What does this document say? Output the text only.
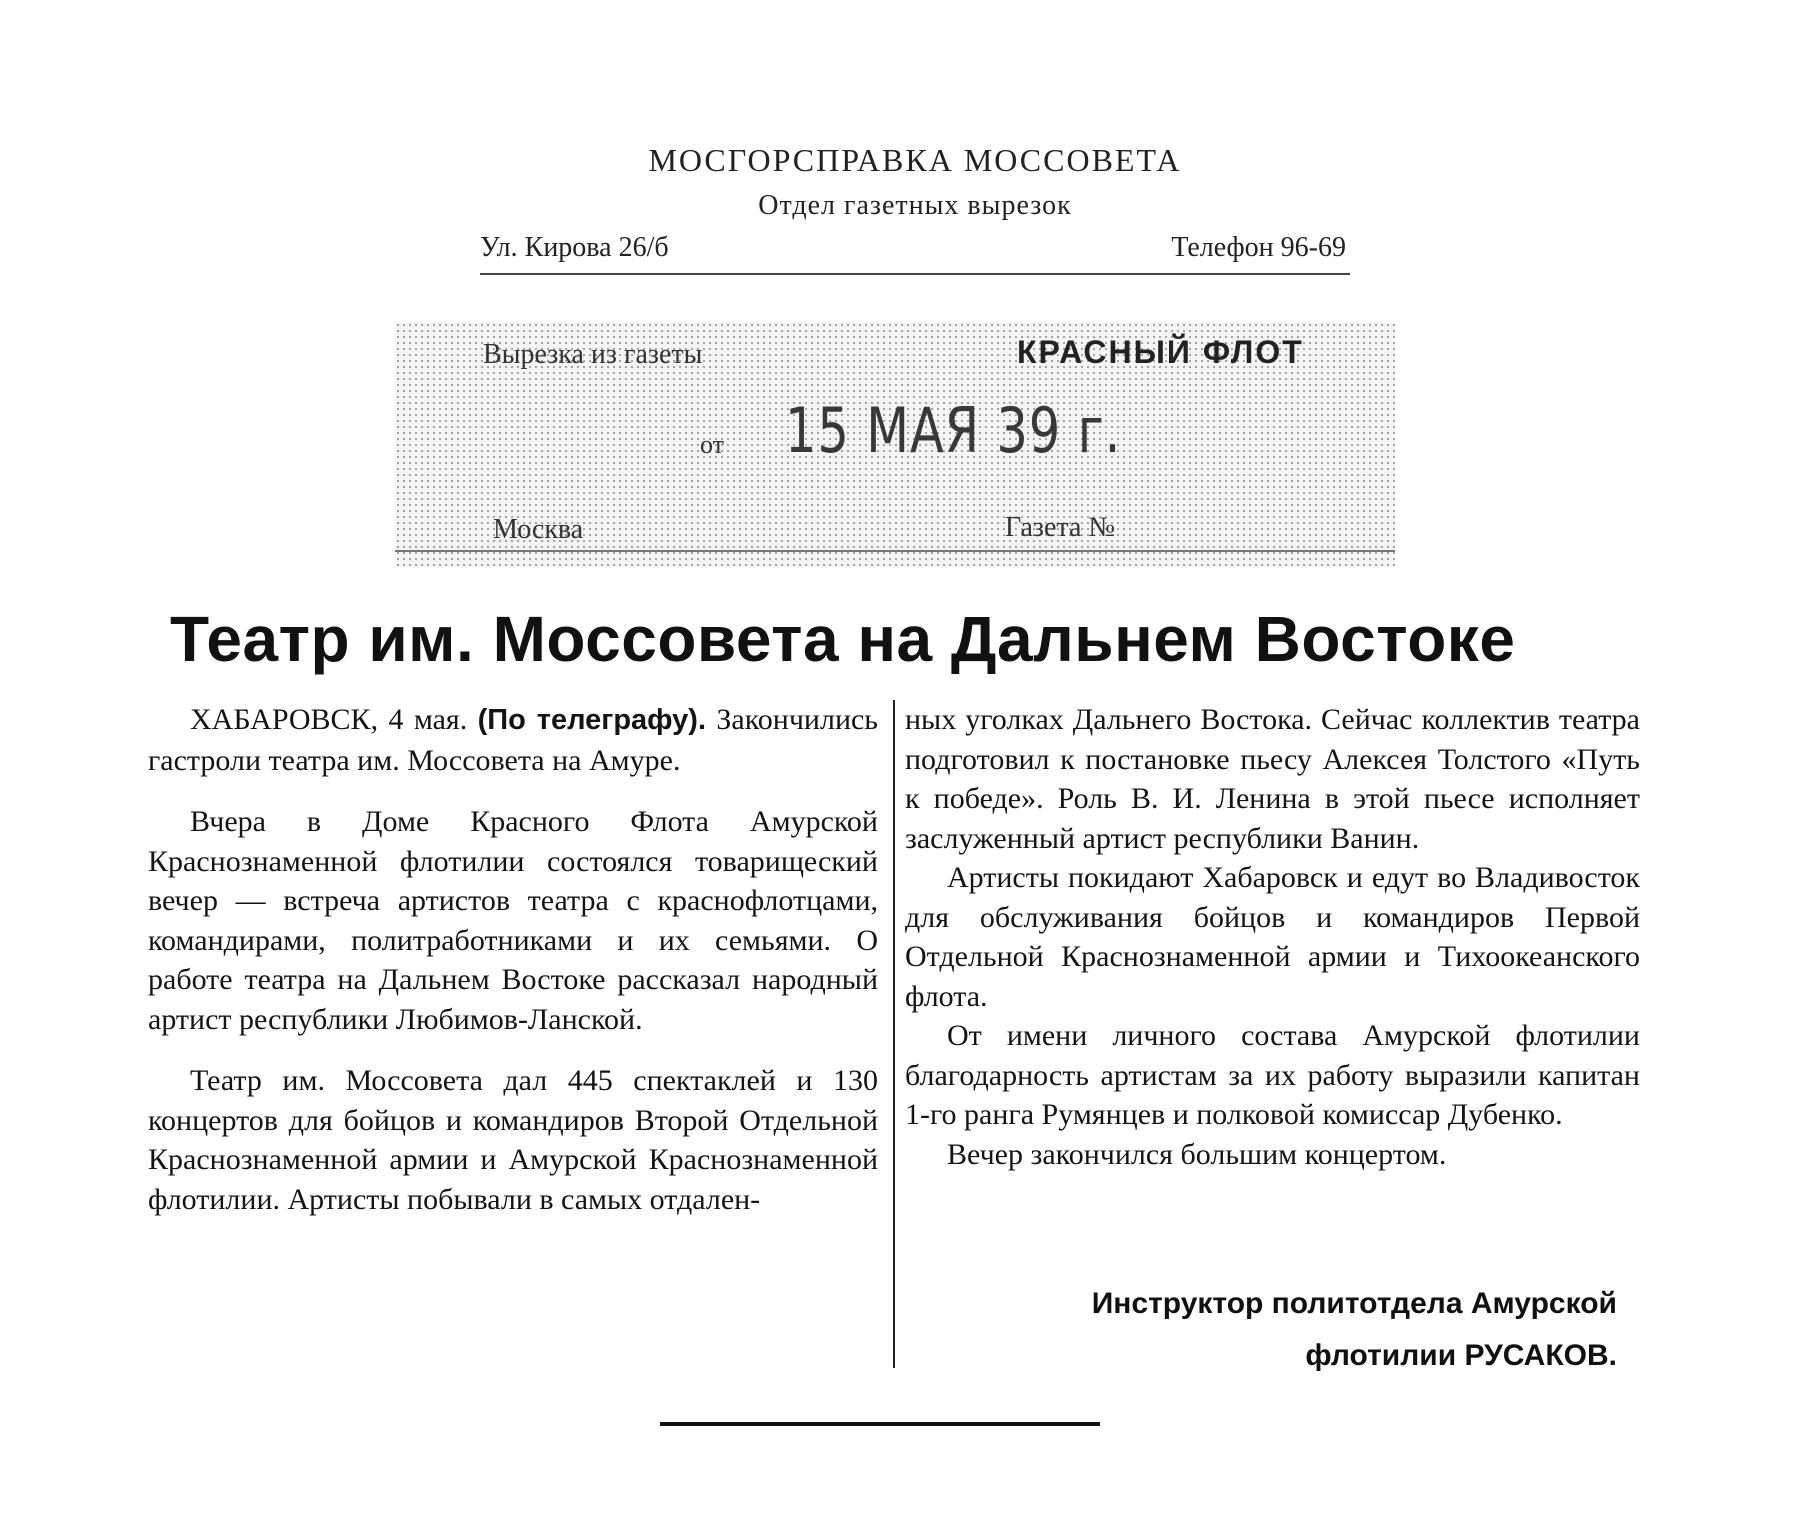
МОСГОРСПРАВКА МОССОВЕТА
Отдел газетных вырезок
Ул. Кирова 26/б	Телефон 96-69
Вырезка из газеты	КРАСНЫЙ ФЛОТ
от 15 МАЯ 39 г.
Москва	Газета №
Театр им. Моссовета на Дальнем Востоке

ХАБАРОВСК, 4 мая. (По телеграфу). Закончились гастроли театра им. Моссовета на Амуре.

Вчера в Доме Красного Флота Амурской Краснознаменной флотилии состоялся товарищеский вечер — встреча артистов театра с краснофлотцами, командирами, политработниками и их семьями. О работе театра на Дальнем Востоке рассказал народный артист республики Любимов-Ланской.

Театр им. Моссовета дал 445 спектаклей и 130 концертов для бойцов и командиров Второй Отдельной Краснознаменной армии и Амурской Краснознаменной флотилии. Артисты побывали в самых отдален-

ных уголках Дальнего Востока. Сейчас коллектив театра подготовил к постановке пьесу Алексея Толстого «Путь к победе». Роль В. И. Ленина в этой пьесе исполняет заслуженный артист республики Ванин.

Артисты покидают Хабаровск и едут во Владивосток для обслуживания бойцов и командиров Первой Отдельной Краснознаменной армии и Тихоокеанского флота.

От имени личного состава Амурской флотилии благодарность артистам за их работу выразили капитан 1-го ранга Румянцев и полковой комиссар Дубенко.

Вечер закончился большим концертом.

Инструктор политотдела Амурской
флотилии РУСАКОВ.
